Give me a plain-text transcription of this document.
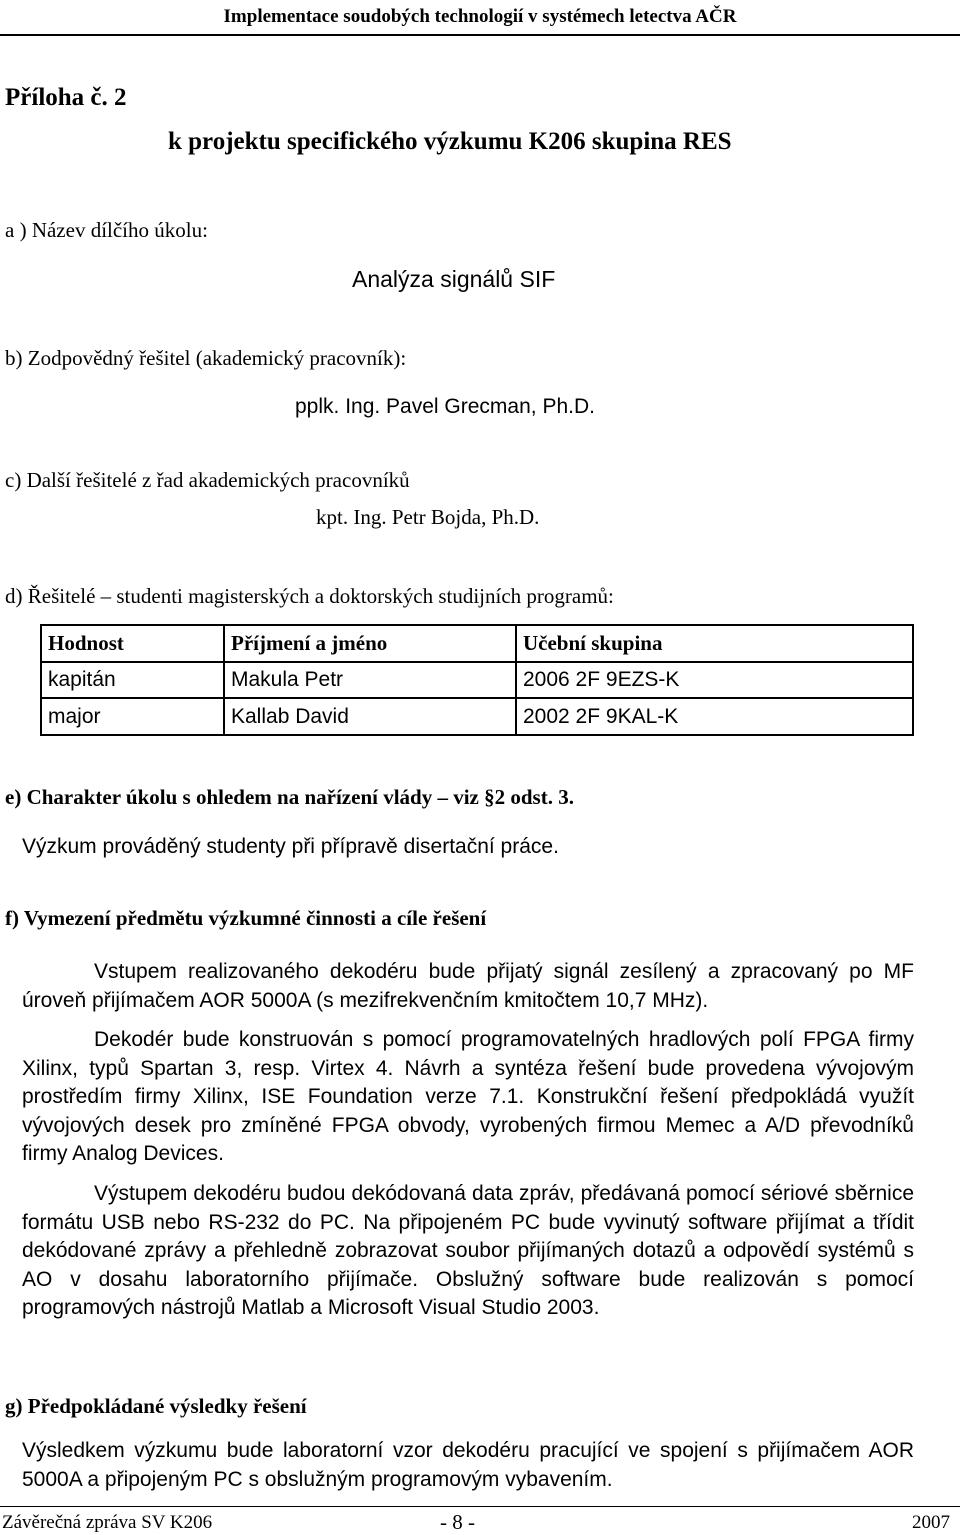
Implementace soudobých technologií v systémech letectva AČR
Příloha č. 2
k projektu specifického výzkumu K206 skupina RES
a ) Název dílčího úkolu:
Analýza signálů SIF
b) Zodpovědný řešitel (akademický pracovník):
pplk. Ing. Pavel Grecman, Ph.D.
c) Další řešitelé z řad akademických pracovníků
kpt. Ing. Petr Bojda, Ph.D.
d) Řešitelé – studenti magisterských a doktorských studijních programů:
Hodnost	Příjmení a jméno	Učební skupina
kapitán	Makula Petr	2006 2F 9EZS-K
major	Kallab David	2002 2F 9KAL-K
e) Charakter úkolu s ohledem na nařízení vlády – viz §2 odst. 3.
Výzkum prováděný studenty při přípravě disertační práce.
f) Vymezení předmětu výzkumné činnosti a cíle řešení
Vstupem realizovaného dekodéru bude přijatý signál zesílený a zpracovaný po MF úroveň přijímačem AOR 5000A (s mezifrekvenčním kmitočtem 10,7 MHz).
Dekodér bude konstruován s pomocí programovatelných hradlových polí FPGA firmy Xilinx, typů Spartan 3, resp. Virtex 4. Návrh a syntéza řešení bude provedena vývojovým prostředím firmy Xilinx, ISE Foundation verze 7.1. Konstrukční řešení předpokládá využít vývojových desek pro zmíněné FPGA obvody, vyrobených firmou Memec a A/D převodníků firmy Analog Devices.
Výstupem dekodéru budou dekódovaná data zpráv, předávaná pomocí sériové sběrnice formátu USB nebo RS-232 do PC. Na připojeném PC bude vyvinutý software přijímat a třídit dekódované zprávy a přehledně zobrazovat soubor přijímaných dotazů a odpovědí systémů s AO v dosahu laboratorního přijímače. Obslužný software bude realizován s pomocí programových nástrojů Matlab a Microsoft Visual Studio 2003.
g) Předpokládané výsledky řešení
Výsledkem výzkumu bude laboratorní vzor dekodéru pracující ve spojení s přijímačem AOR 5000A a připojeným PC s obslužným programovým vybavením.
Závěrečná zpráva SV K206	- 8 -	2007
